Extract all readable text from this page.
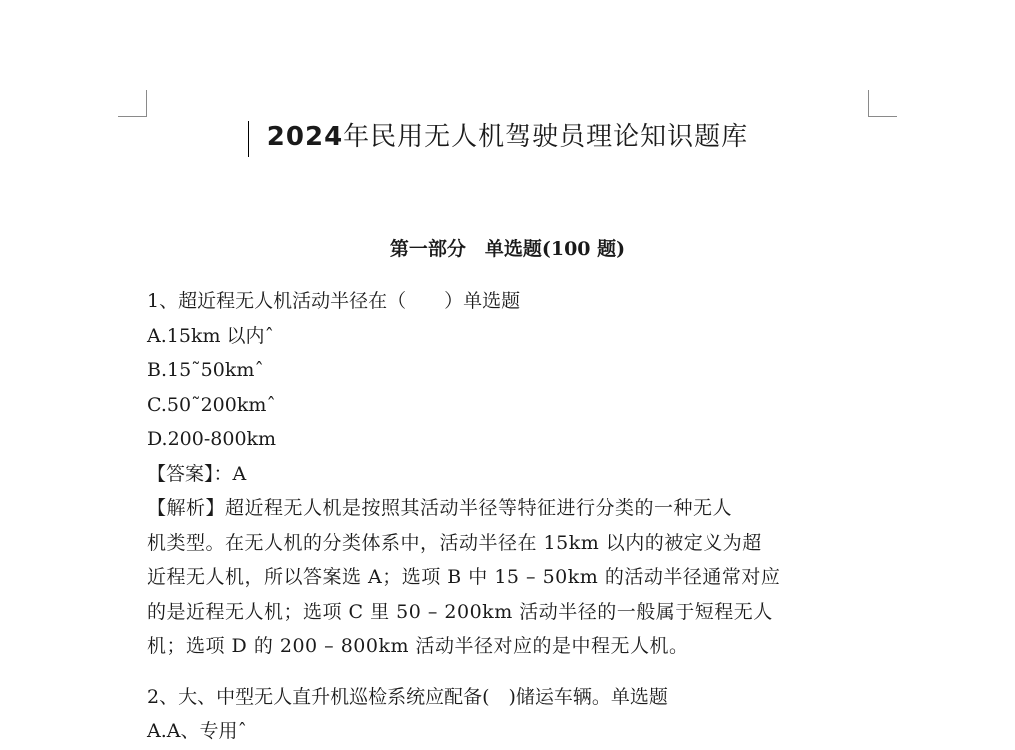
2024年民用无人机驾驶员理论知识题库
第一部分　单选题(100 题)
1、超近程无人机活动半径在（　　）单选题
A.15km 以内ˆ
B.15˜50kmˆ
C.50˜200kmˆ
D.200-800km
【答案】：A
【解析】超近程无人机是按照其活动半径等特征进行分类的一种无人
机类型。在无人机的分类体系中，活动半径在 15km 以内的被定义为超
近程无人机，所以答案选 A；选项 B 中 15 – 50km 的活动半径通常对应
的是近程无人机；选项 C 里 50 – 200km 活动半径的一般属于短程无人
机；选项 D 的 200 – 800km 活动半径对应的是中程无人机。
2、大、中型无人直升机巡检系统应配备(　)储运车辆。单选题
A.A、专用ˆ
